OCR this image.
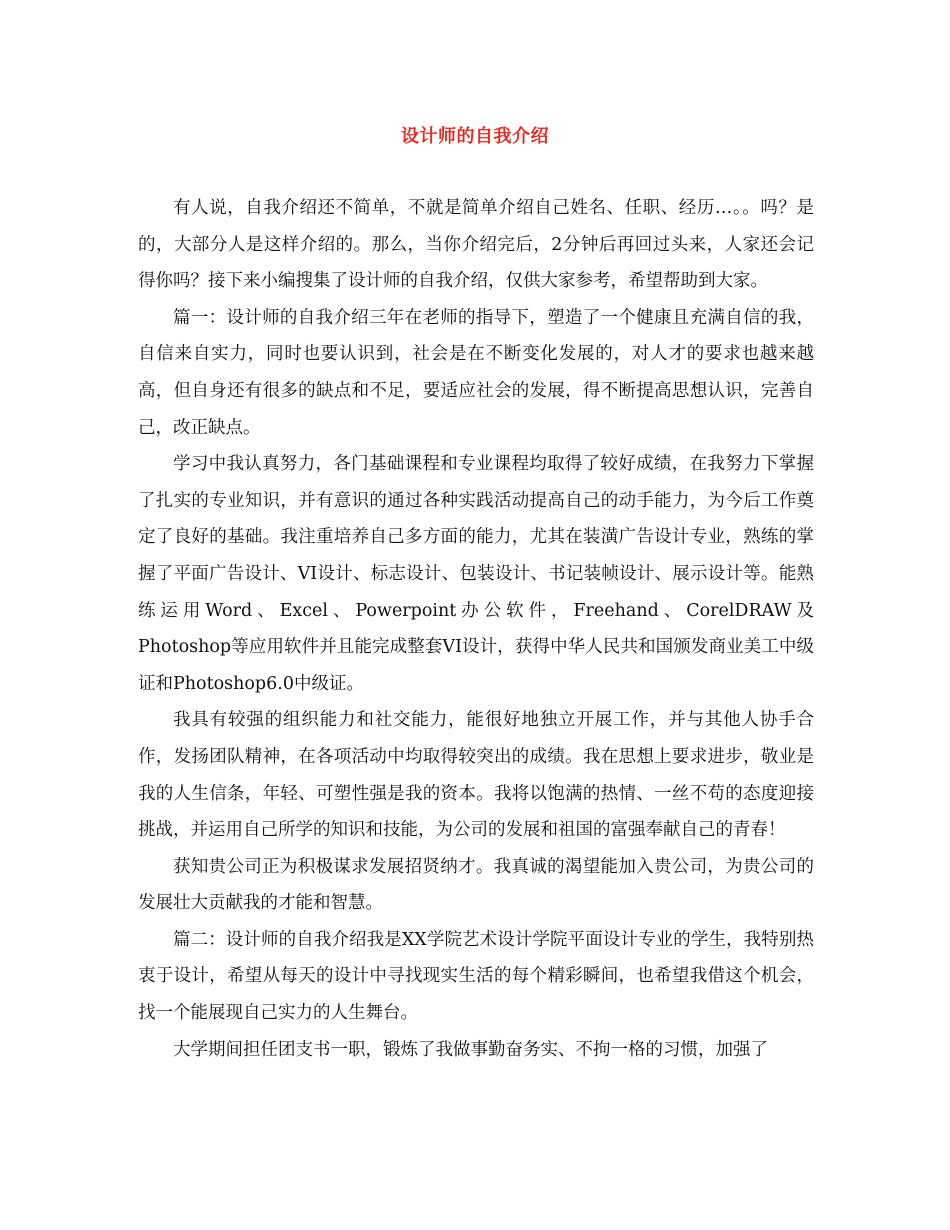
设计师的自我介绍

有人说，自我介绍还不简单，不就是简单介绍自己姓名、任职、经历…。。吗？是的，大部分人是这样介绍的。那么，当你介绍完后，2分钟后再回过头来，人家还会记得你吗？接下来小编搜集了设计师的自我介绍，仅供大家参考，希望帮助到大家。

篇一：设计师的自我介绍三年在老师的指导下，塑造了一个健康且充满自信的我，自信来自实力，同时也要认识到，社会是在不断变化发展的，对人才的要求也越来越高，但自身还有很多的缺点和不足，要适应社会的发展，得不断提高思想认识，完善自己，改正缺点。

学习中我认真努力，各门基础课程和专业课程均取得了较好成绩，在我努力下掌握了扎实的专业知识，并有意识的通过各种实践活动提高自己的动手能力，为今后工作奠定了良好的基础。我注重培养自己多方面的能力，尤其在装潢广告设计专业，熟练的掌握了平面广告设计、VI设计、标志设计、包装设计、书记装帧设计、展示设计等。能熟练运用Word、Excel、Powerpoint办公软件，Freehand、CorelDRAW及Photoshop等应用软件并且能完成整套VI设计，获得中华人民共和国颁发商业美工中级证和Photoshop6.0中级证。

我具有较强的组织能力和社交能力，能很好地独立开展工作，并与其他人协手合作，发扬团队精神，在各项活动中均取得较突出的成绩。我在思想上要求进步，敬业是我的人生信条，年轻、可塑性强是我的资本。我将以饱满的热情、一丝不苟的态度迎接挑战，并运用自己所学的知识和技能，为公司的发展和祖国的富强奉献自己的青春！

获知贵公司正为积极谋求发展招贤纳才。我真诚的渴望能加入贵公司，为贵公司的发展壮大贡献我的才能和智慧。

篇二：设计师的自我介绍我是XX学院艺术设计学院平面设计专业的学生，我特别热衷于设计，希望从每天的设计中寻找现实生活的每个精彩瞬间，也希望我借这个机会，找一个能展现自己实力的人生舞台。

大学期间担任团支书一职，锻炼了我做事勤奋务实、不拘一格的习惯，加强了
